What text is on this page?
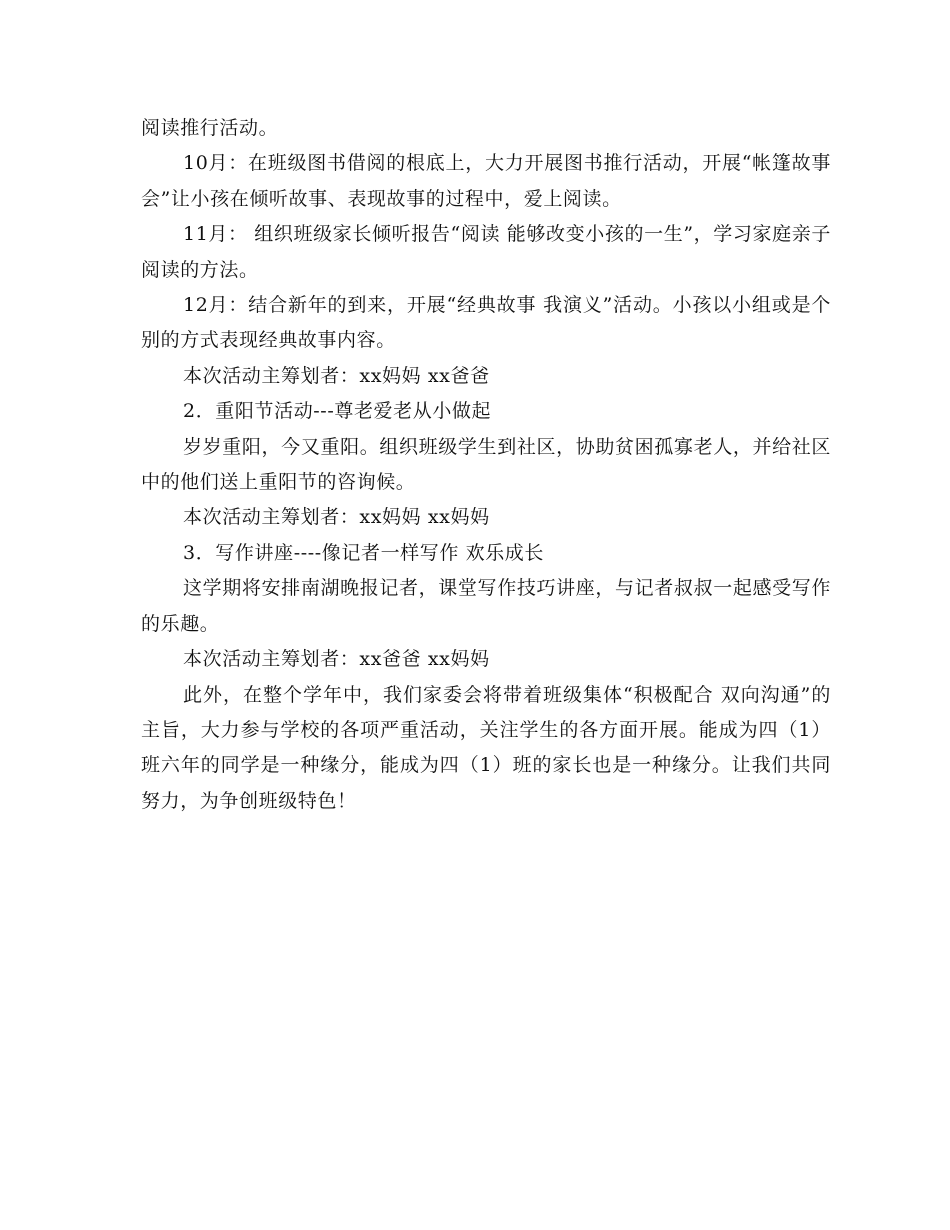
阅读推行活动。

10月：在班级图书借阅的根底上，大力开展图书推行活动，开展“帐篷故事会”让小孩在倾听故事、表现故事的过程中，爱上阅读。

11月： 组织班级家长倾听报告“阅读 能够改变小孩的一生”，学习家庭亲子阅读的方法。

12月：结合新年的到来，开展“经典故事 我演义”活动。小孩以小组或是个别的方式表现经典故事内容。

本次活动主筹划者：xx妈妈 xx爸爸

2．重阳节活动---尊老爱老从小做起

岁岁重阳，今又重阳。组织班级学生到社区，协助贫困孤寡老人，并给社区中的他们送上重阳节的咨询候。

本次活动主筹划者：xx妈妈 xx妈妈

3．写作讲座----像记者一样写作 欢乐成长

这学期将安排南湖晚报记者，课堂写作技巧讲座，与记者叔叔一起感受写作的乐趣。

本次活动主筹划者：xx爸爸 xx妈妈

此外，在整个学年中，我们家委会将带着班级集体“积极配合 双向沟通”的主旨，大力参与学校的各项严重活动，关注学生的各方面开展。能成为四（1）班六年的同学是一种缘分，能成为四（1）班的家长也是一种缘分。让我们共同努力，为争创班级特色！
